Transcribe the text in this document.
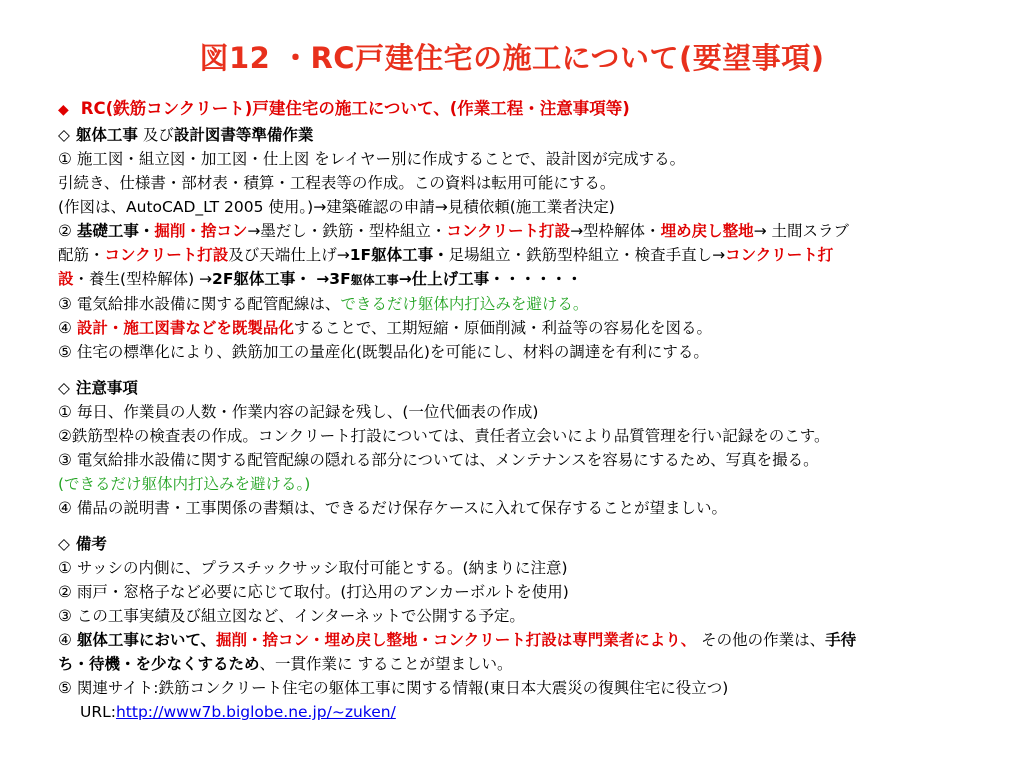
図12 ・RC戸建住宅の施工について(要望事項)
◆ RC(鉄筋コンクリート)戸建住宅の施工について、(作業工程・注意事項等)
◇ 躯体工事 及び設計図書等準備作業
① 施工図・組立図・加工図・仕上図 をレイヤー別に作成することで、設計図が完成する。
引続き、仕様書・部材表・積算・工程表等の作成。この資料は転用可能にする。
(作図は、AutoCAD_LT 2005 使用。)→建築確認の申請→見積依頼(施工業者決定)
② 基礎工事・掘削・捨コン→墨だし・鉄筋・型枠組立・コンクリート打設→型枠解体・埋め戻し整地→ 土間スラブ
配筋・コンクリート打設及び天端仕上げ→1F躯体工事・足場組立・鉄筋型枠組立・検査手直し→コンクリート打
設・養生(型枠解体) →2F躯体工事・ →3F躯体工事→仕上げ工事・・・・・・
③ 電気給排水設備に関する配管配線は、できるだけ躯体内打込みを避ける。
④ 設計・施工図書などを既製品化することで、工期短縮・原価削減・利益等の容易化を図る。
⑤ 住宅の標準化により、鉄筋加工の量産化(既製品化)を可能にし、材料の調達を有利にする。
◇ 注意事項
① 毎日、作業員の人数・作業内容の記録を残し、(一位代価表の作成)
②鉄筋型枠の検査表の作成。コンクリート打設については、責任者立会いにより品質管理を行い記録をのこす。
③ 電気給排水設備に関する配管配線の隠れる部分については、メンテナンスを容易にするため、写真を撮る。
(できるだけ躯体内打込みを避ける。)
④ 備品の説明書・工事関係の書類は、できるだけ保存ケースに入れて保存することが望ましい。
◇ 備考
① サッシの内側に、プラスチックサッシ取付可能とする。(納まりに注意)
② 雨戸・窓格子など必要に応じて取付。(打込用のアンカーボルトを使用)
③ この工事実績及び組立図など、インターネットで公開する予定。
④ 躯体工事において、掘削・捨コン・埋め戻し整地・コンクリート打設は専門業者により、 その他の作業は、手待
ち・待機・を少なくするため、一貫作業に することが望ましい。
⑤ 関連サイト:鉄筋コンクリート住宅の躯体工事に関する情報(東日本大震災の復興住宅に役立つ)
URL:http://www7b.biglobe.ne.jp/~zuken/
